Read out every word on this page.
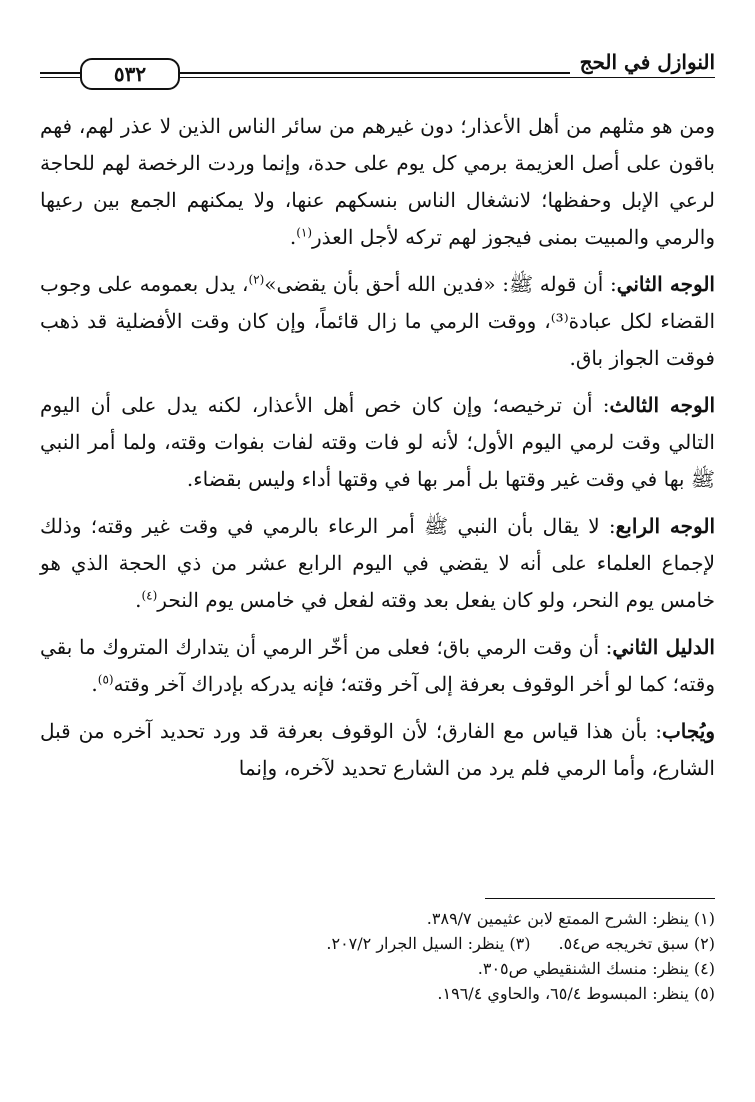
النوازل في الحج
٥٣٢

ومن هو مثلهم من أهل الأعذار؛ دون غيرهم من سائر الناس الذين لا عذر لهم، فهم باقون على أصل العزيمة برمي كل يوم على حدة، وإنما وردت الرخصة لهم للحاجة لرعي الإبل وحفظها؛ لانشغال الناس بنسكهم عنها، ولا يمكنهم الجمع بين رعيها والرمي والمبيت بمنى فيجوز لهم تركه لأجل العذر$^{(١)}$.

الوجه الثاني: أن قوله ﷺ: «فدين الله أحق بأن يقضى»$^{(٢)}$، يدل بعمومه على وجوب القضاء لكل عبادة⁽³⁾، ووقت الرمي ما زال قائماً، وإن كان وقت الأفضلية قد ذهب فوقت الجواز باق.

الوجه الثالث: أن ترخيصه؛ وإن كان خص أهل الأعذار، لكنه يدل على أن اليوم التالي وقت لرمي اليوم الأول؛ لأنه لو فات وقته لفات بفوات وقته، ولما أمر النبي ﷺ بها في وقت غير وقتها بل أمر بها في وقتها أداء وليس بقضاء.

الوجه الرابع: لا يقال بأن النبي ﷺ أمر الرعاء بالرمي في وقت غير وقته؛ وذلك لإجماع العلماء على أنه لا يقضي في اليوم الرابع عشر من ذي الحجة الذي هو خامس يوم النحر، ولو كان يفعل بعد وقته لفعل في خامس يوم النحر$^{(٤)}$.

الدليل الثاني: أن وقت الرمي باق؛ فعلى من أخّر الرمي أن يتدارك المتروك ما بقي وقته؛ كما لو أخر الوقوف بعرفة إلى آخر وقته؛ فإنه يدركه بإدراك آخر وقته$^{(٥)}$.

ويُجاب: بأن هذا قياس مع الفارق؛ لأن الوقوف بعرفة قد ورد تحديد آخره من قبل الشارع، وأما الرمي فلم يرد من الشارع تحديد لآخره، وإنما

(١) ينظر: الشرح الممتع لابن عثيمين ٣٨٩/٧.

(٢) سبق تخريجه ص٥٤.

(٣) ينظر: السيل الجرار ٢٠٧/٢.

(٤) ينظر: منسك الشنقيطي ص٣٠٥.

(٥) ينظر: المبسوط ٦٥/٤، والحاوي ١٩٦/٤.
